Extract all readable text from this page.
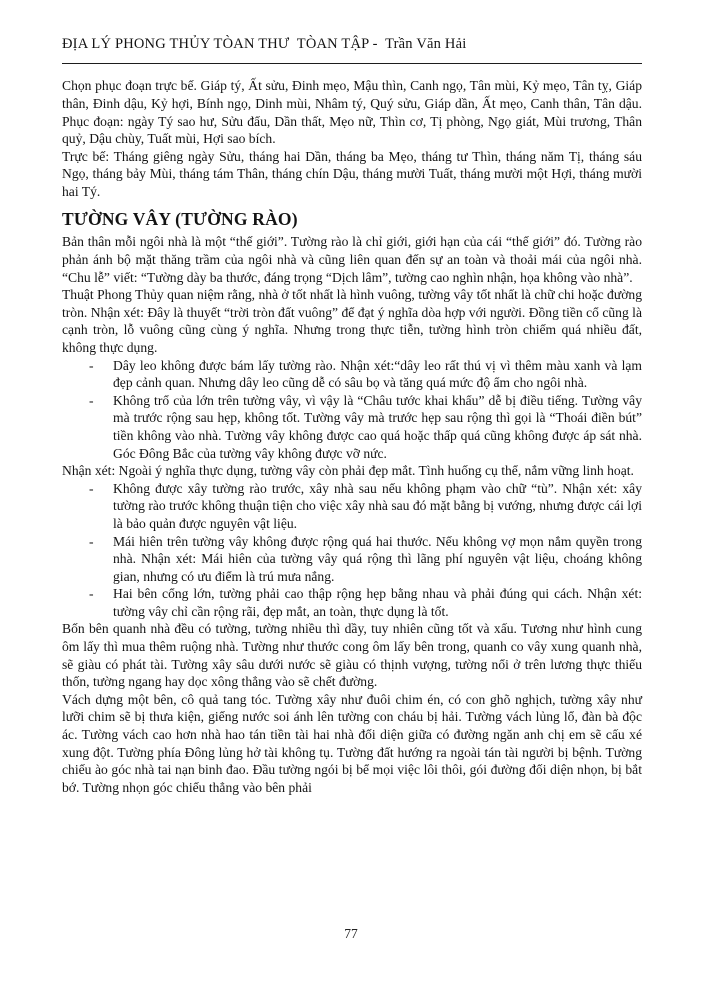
ĐỊA LÝ PHONG THỦY TÒAN THƯ  TÒAN TẬP -  Trần Văn Hải

Chọn phục đoạn trực bế. Giáp tý, Ất sửu, Đinh mẹo, Mậu thìn, Canh ngọ, Tân mùi, Kỷ mẹo, Tân tỵ, Giáp thân, Đinh dậu, Kỷ hợi, Bính ngọ, Dinh mùi, Nhâm tý, Quý sửu, Giáp dần, Ất mẹo, Canh thân, Tân dậu. Phục đoạn: ngày Tý sao hư, Sửu đẩu, Dần thất, Mẹo nữ, Thìn cơ, Tị phòng, Ngọ giát, Mùi trương, Thân quỷ, Dậu chùy, Tuất mùi, Hợi sao bích.

Trực bế: Tháng giêng ngày Sửu, tháng hai Dần, tháng ba Mẹo, tháng tư Thìn, tháng năm Tị, tháng sáu Ngọ, tháng bảy Mùi, tháng tám Thân, tháng chín Dậu, tháng mười Tuất, tháng mười một Hợi, tháng mười hai Tý.

TƯỜNG VÂY (TƯỜNG RÀO)

Bản thân mỗi ngôi nhà là một “thế giới”. Tường rào là chỉ giới, giới hạn của cái “thế giới” đó. Tường rào phản ánh bộ mặt thăng trầm của ngôi nhà và cũng liên quan đến sự an toàn và thoải mái của ngôi nhà. “Chu lễ” viết: “Tường dày ba thước, đáng trọng “Dịch lâm”, tường cao nghìn nhận, họa không vào nhà”.

Thuật Phong Thủy quan niệm rằng, nhà ở tốt nhất là hình vuông, tường vây tốt nhất là chữ chi hoặc đường tròn. Nhận xét: Đây là thuyết “trời tròn đất vuông” để đạt ý nghĩa dòa hợp với người. Đồng tiền cổ cũng là cạnh tròn, lỗ vuông cũng cùng ý nghĩa. Nhưng trong thực tiễn, tường hình tròn chiếm quá nhiều đất, không thực dụng.

-	Dây leo không được bám lấy tường rào. Nhận xét:“dây leo rất thú vị vì thêm màu xanh và lạm đẹp cảnh quan. Nhưng dây leo cũng dễ có sâu bọ và tăng quá mức độ ẩm cho ngôi nhà.
-	Không trổ của lớn trên tường vây, vì vậy là “Châu tước khai khẩu” dễ bị điều tiếng. Tường vây mà trước rộng sau hẹp, không tốt. Tường vây mà trước hẹp sau rộng thì gọi là “Thoái điền bút” tiền không vào nhà. Tường vây không được cao quá hoặc thấp quá cũng không được áp sát nhà. Góc Đông Bắc của tường vây không được vỡ nức.

Nhận xét: Ngoài ý nghĩa thực dụng, tường vây còn phải đẹp mắt. Tình huống cụ thể, nắm vững linh hoạt.

-	Không được xây tường rào trước, xây nhà sau nếu không phạm vào chữ “tù”. Nhận xét: xây tường rào trước không thuận tiện cho việc xây nhà sau đó mặt bằng bị vướng, nhưng được cái lợi là bảo quản được nguyên vật liệu.
-	Mái hiên trên tường vây không được rộng quá hai thước. Nếu không vợ mọn nắm quyền trong nhà. Nhận xét: Mái hiên của tường vây quá rộng thì lãng phí nguyên vật liệu, choáng không gian, nhưng có ưu điểm là trú mưa nắng.
-	Hai bên cổng lớn, tường phải cao thập rộng hẹp bằng nhau và phải đúng qui cách. Nhận xét: tường vây chỉ cần rộng rãi, đẹp mắt, an toàn, thực dụng là tốt.

Bốn bên quanh nhà đều có tường, tường nhiều thì dầy, tuy nhiên cũng tốt và xấu. Tương như hình cung ôm lấy thì mua thêm ruộng nhà. Tường như thước cong ôm lấy bên trong, quanh co vây xung quanh nhà, sẽ giàu có phát tài. Tường xây sâu dưới nước sẽ giàu có thịnh vượng, tường nổi ở trên lương thực thiếu thốn, tường ngang hay dọc xông thẳng vào sẽ chết đường.

Vách dựng một bên, cô quả tang tóc. Tường xây như đuôi chim én, có con ghõ nghịch, tường xây như lưỡi chim sẽ bị thưa kiện, giếng nước soi ánh lên tường con cháu bị hải. Tường vách lủng lổ, đàn bà độc ác. Tường vách cao hơn nhà hao tán tiền tài hai nhà đối diện giữa có đường ngăn anh chị em sẽ cấu xé xung đột. Tường phía Đông lủng hở tài không tụ. Tường đất hướng ra ngoài tán tài người bị bệnh. Tường chiếu ào góc nhà tai nạn binh đao. Đầu tường ngói bị bể mọi việc lôi thôi, gói đường đối diện nhọn, bị bắt bớ. Tường nhọn góc chiếu thẳng vào bên phải

77
